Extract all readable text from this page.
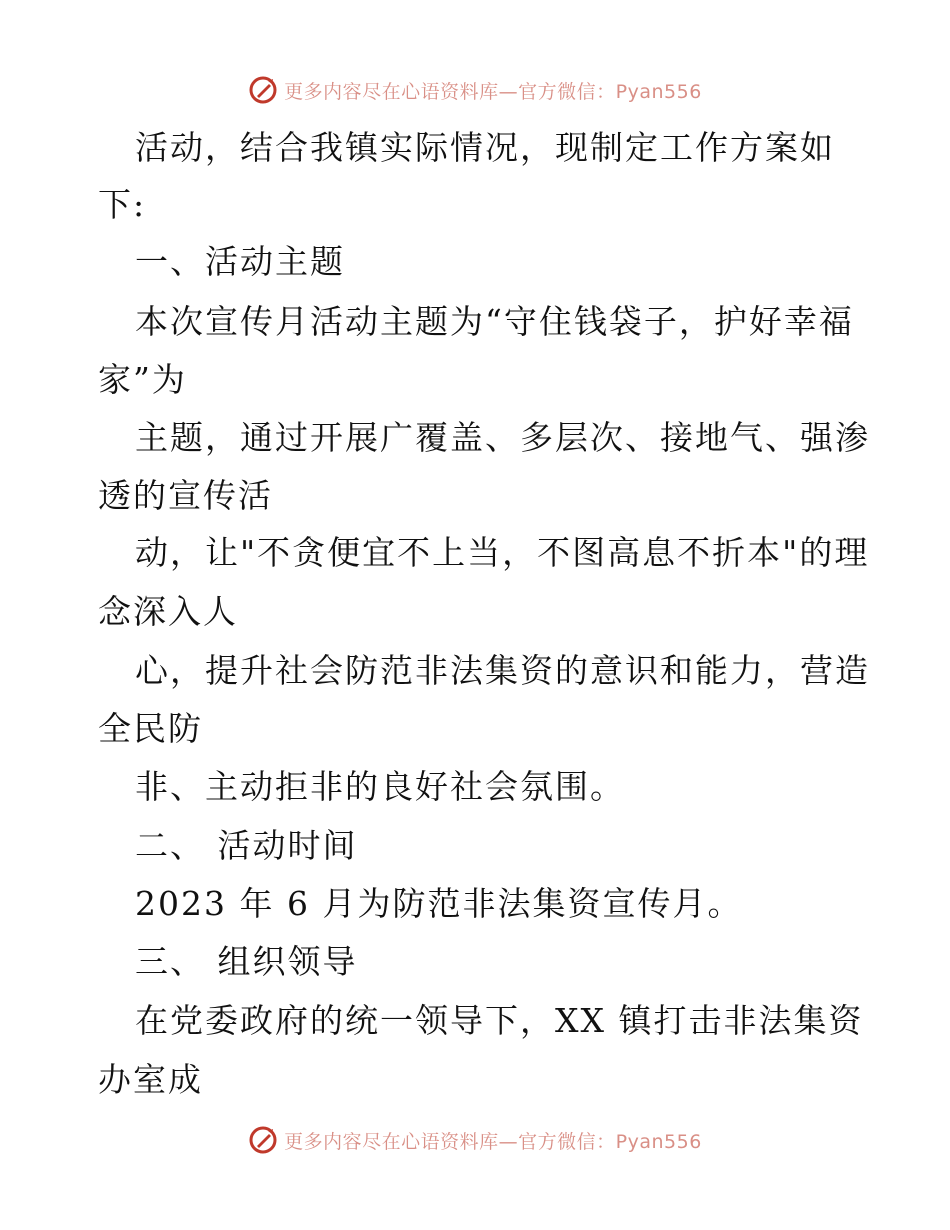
更多内容尽在心语资料库—官方微信：Pyan556
活动，结合我镇实际情况，现制定工作方案如
下:
一、活动主题
本次宣传月活动主题为“守住钱袋子，护好幸福
家”为
主题，通过开展广覆盖、多层次、接地气、强渗
透的宣传活
动，让"不贪便宜不上当，不图高息不折本"的理
念深入人
心，提升社会防范非法集资的意识和能力，营造
全民防
非、主动拒非的良好社会氛围。
二、 活动时间
2023 年 6 月为防范非法集资宣传月。
三、 组织领导
在党委政府的统一领导下，XX 镇打击非法集资
办室成
更多内容尽在心语资料库—官方微信：Pyan556
